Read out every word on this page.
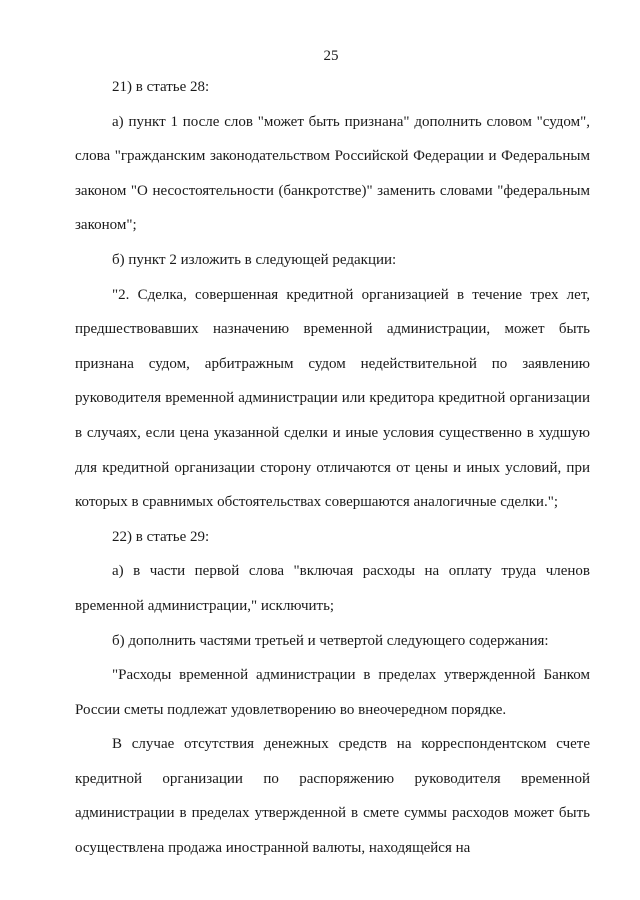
25

21) в статье 28:

а) пункт 1 после слов "может быть признана" дополнить словом "судом", слова "гражданским законодательством Российской Федерации и Федеральным законом "О несостоятельности (банкротстве)" заменить словами "федеральным законом";

б) пункт 2 изложить в следующей редакции:

"2. Сделка, совершенная кредитной организацией в течение трех лет, предшествовавших назначению временной администрации, может быть признана судом, арбитражным судом недействительной по заявлению руководителя временной администрации или кредитора кредитной организации в случаях, если цена указанной сделки и иные условия существенно в худшую для кредитной организации сторону отличаются от цены и иных условий, при которых в сравнимых обстоятельствах совершаются аналогичные сделки.";

22) в статье 29:

а) в части первой слова "включая расходы на оплату труда членов временной администрации," исключить;

б) дополнить частями третьей и четвертой следующего содержания:

"Расходы временной администрации в пределах утвержденной Банком России сметы подлежат удовлетворению во внеочередном порядке.

В случае отсутствия денежных средств на корреспондентском счете кредитной организации по распоряжению руководителя временной администрации в пределах утвержденной в смете суммы расходов может быть осуществлена продажа иностранной валюты, находящейся на
